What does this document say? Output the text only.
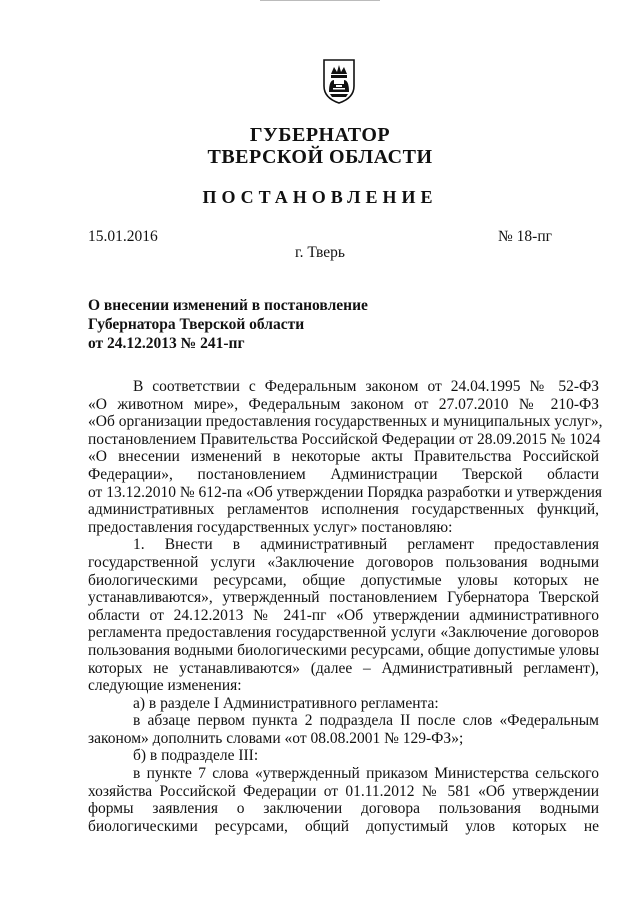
ГУБЕРНАТОР
ТВЕРСКОЙ ОБЛАСТИ
ПОСТАНОВЛЕНИЕ
15.01.2016	№ 18-пг
г. Тверь
О внесении изменений в постановление
Губернатора Тверской области
от 24.12.2013 № 241-пг
В соответствии с Федеральным законом от 24.04.1995 № 52-ФЗ
«О животном мире», Федеральным законом от 27.07.2010 № 210-ФЗ
«Об организации предоставления государственных и муниципальных услуг»,
постановлением Правительства Российской Федерации от 28.09.2015 № 1024
«О внесении изменений в некоторые акты Правительства Российской
Федерации», постановлением Администрации Тверской области
от 13.12.2010 № 612-па «Об утверждении Порядка разработки и утверждения
административных регламентов исполнения государственных функций,
предоставления государственных услуг» постановляю:
1. Внести в административный регламент предоставления
государственной услуги «Заключение договоров пользования водными
биологическими ресурсами, общие допустимые уловы которых не
устанавливаются», утвержденный постановлением Губернатора Тверской
области от 24.12.2013 № 241-пг «Об утверждении административного
регламента предоставления государственной услуги «Заключение договоров
пользования водными биологическими ресурсами, общие допустимые уловы
которых не устанавливаются» (далее – Административный регламент),
следующие изменения:
а) в разделе I Административного регламента:
в абзаце первом пункта 2 подраздела II после слов «Федеральным
законом» дополнить словами «от 08.08.2001 № 129-ФЗ»;
б) в подразделе III:
в пункте 7 слова «утвержденный приказом Министерства сельского
хозяйства Российской Федерации от 01.11.2012 № 581 «Об утверждении
формы заявления о заключении договора пользования водными
биологическими ресурсами, общий допустимый улов которых не
